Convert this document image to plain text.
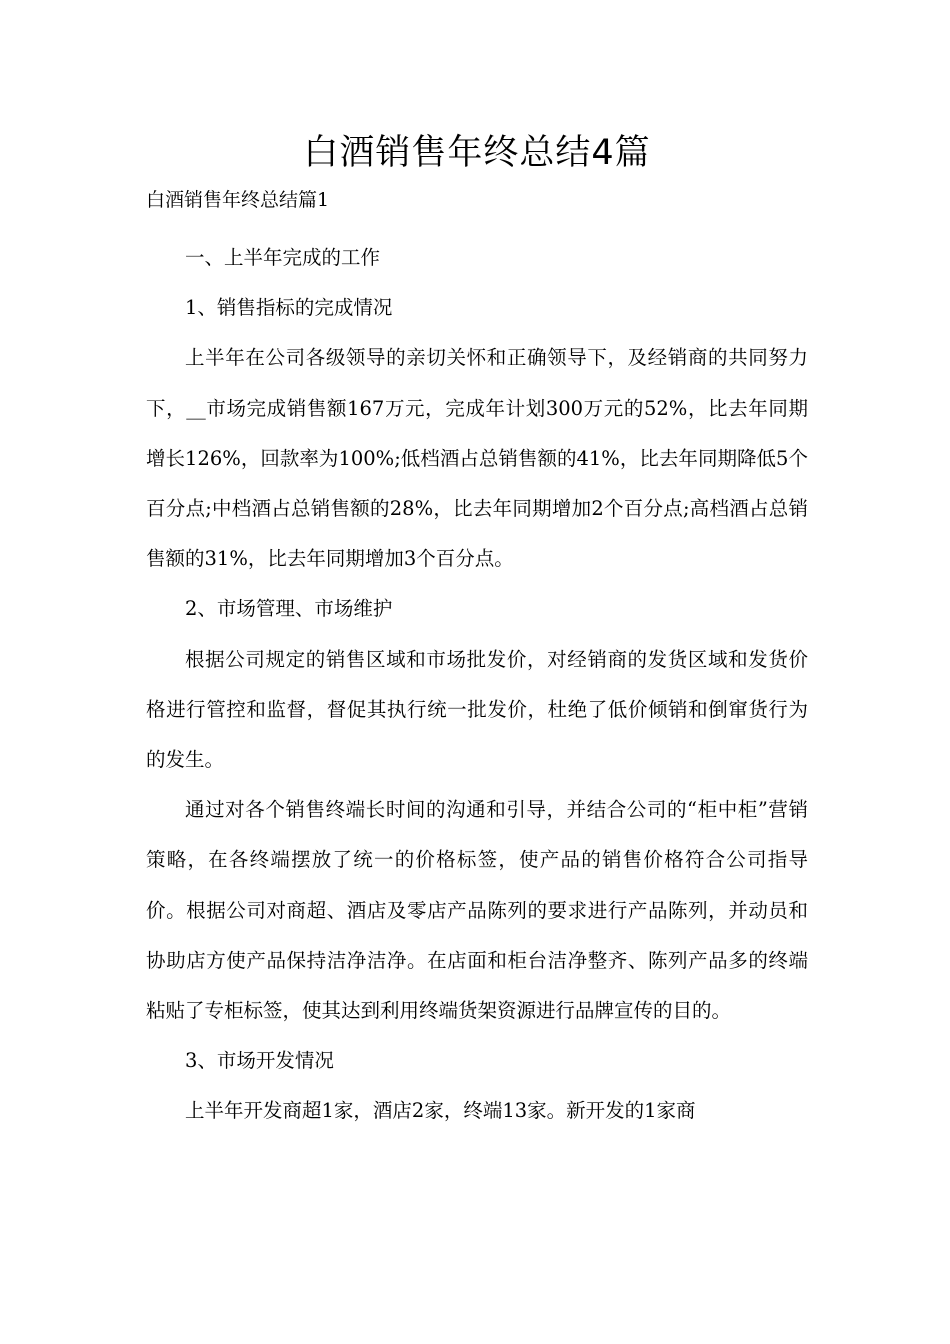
白酒销售年终总结4篇
白酒销售年终总结篇1

一、上半年完成的工作

1、销售指标的完成情况

上半年在公司各级领导的亲切关怀和正确领导下，及经销商的共同努力下，__市场完成销售额167万元，完成年计划300万元的52%，比去年同期增长126%，回款率为100%;低档酒占总销售额的41%，比去年同期降低5个百分点;中档酒占总销售额的28%，比去年同期增加2个百分点;高档酒占总销售额的31%，比去年同期增加3个百分点。

2、市场管理、市场维护

根据公司规定的销售区域和市场批发价，对经销商的发货区域和发货价格进行管控和监督，督促其执行统一批发价，杜绝了低价倾销和倒窜货行为的发生。

通过对各个销售终端长时间的沟通和引导，并结合公司的“柜中柜”营销策略，在各终端摆放了统一的价格标签，使产品的销售价格符合公司指导价。根据公司对商超、酒店及零店产品陈列的要求进行产品陈列，并动员和协助店方使产品保持洁净洁净。在店面和柜台洁净整齐、陈列产品多的终端粘贴了专柜标签，使其达到利用终端货架资源进行品牌宣传的目的。

3、市场开发情况

上半年开发商超1家，酒店2家，终端13家。新开发的1家商
